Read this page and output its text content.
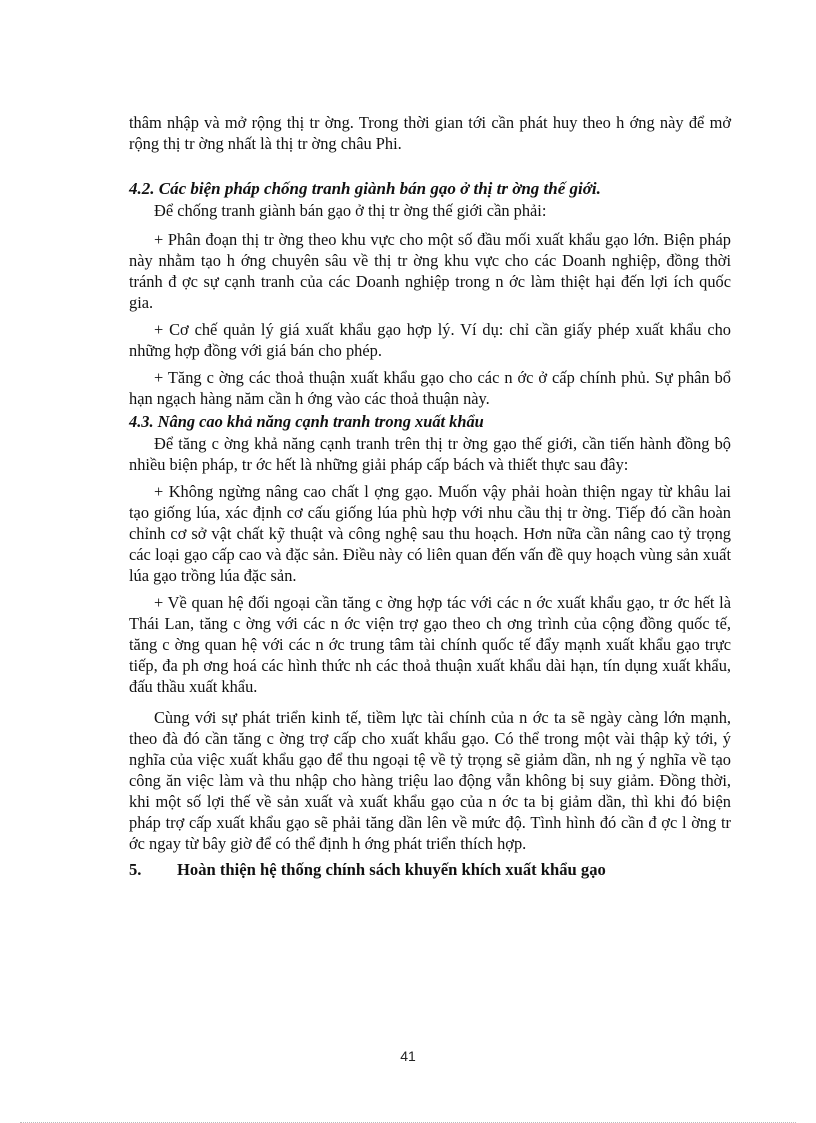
thâm nhập và mở rộng thị tr ờng. Trong thời gian tới cần phát huy theo h ớng này để mở rộng thị tr ờng nhất là thị tr ờng châu Phi.

4.2. Các biện pháp chống tranh giành bán gạo ở thị tr ờng thế giới.

Để chống tranh giành bán gạo ở thị tr ờng thế giới cần phải:

+ Phân đoạn thị tr ờng theo khu vực cho một số đầu mối xuất khẩu gạo lớn. Biện pháp này nhằm tạo h ớng chuyên sâu về thị tr ờng khu vực cho các Doanh nghiệp, đồng thời tránh đ ợc sự cạnh tranh của các Doanh nghiệp trong n ớc làm thiệt hại đến lợi ích quốc gia.

+ Cơ chế quản lý giá xuất khẩu gạo hợp lý. Ví dụ: chỉ cần giấy phép xuất khẩu cho những hợp đồng với giá bán cho phép.

+ Tăng c ờng các thoả thuận xuất khẩu gạo cho các n ớc ở cấp chính phủ. Sự phân bổ hạn ngạch hàng năm cần h ớng vào các thoả thuận này.

4.3. Nâng cao khả năng cạnh tranh trong xuất khẩu

Để tăng c ờng khả năng cạnh tranh trên thị tr ờng gạo thế giới, cần tiến hành đồng bộ nhiều biện pháp, tr ớc hết là những giải pháp cấp bách và thiết thực sau đây:

+ Không ngừng nâng cao chất l ợng gạo. Muốn vậy phải hoàn thiện ngay từ khâu lai tạo giống lúa, xác định cơ cấu giống lúa phù hợp với nhu cầu thị tr ờng. Tiếp đó cần hoàn chỉnh cơ sở vật chất kỹ thuật và công nghệ sau thu hoạch. Hơn nữa cần nâng cao tỷ trọng các loại gạo cấp cao và đặc sản. Điều này có liên quan đến vấn đề quy hoạch vùng sản xuất lúa gạo trồng lúa đặc sản.

+ Về quan hệ đối ngoại cần tăng c ờng hợp tác với các n ớc xuất khẩu gạo, tr ớc hết là Thái Lan, tăng c ờng với các n ớc viện trợ gạo theo ch ơng trình của cộng đồng quốc tế, tăng c ờng quan hệ với các n ớc trung tâm tài chính quốc tế đẩy mạnh xuất khẩu gạo trực tiếp, đa ph ơng hoá các hình thức nh các thoả thuận xuất khẩu dài hạn, tín dụng xuất khẩu, đấu thầu xuất khẩu.

Cùng với sự phát triển kinh tế, tiềm lực tài chính của n ớc ta sẽ ngày càng lớn mạnh, theo đà đó cần tăng c ờng trợ cấp cho xuất khẩu gạo. Có thể trong một vài thập kỷ tới, ý nghĩa của việc xuất khẩu gạo để thu ngoại tệ về tỷ trọng sẽ giảm dần, nh ng ý nghĩa về tạo công ăn việc làm và thu nhập cho hàng triệu lao động vẫn không bị suy giảm. Đồng thời, khi một số lợi thế về sản xuất và xuất khẩu gạo của n ớc ta bị giảm dần, thì khi đó biện pháp trợ cấp xuất khẩu gạo sẽ phải tăng dần lên về mức độ. Tình hình đó cần đ ợc l ờng tr ớc ngay từ bây giờ để có thể định h ớng phát triển thích hợp.

5.	Hoàn thiện hệ thống chính sách khuyến khích xuất khẩu gạo
41
